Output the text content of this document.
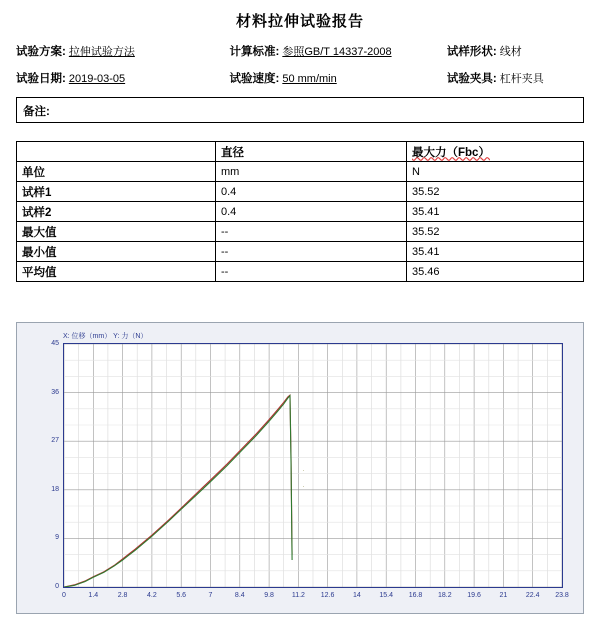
材料拉伸试验报告
试验方案: 拉伸试验方法	计算标准: 参照GB/T 14337-2008	试样形状: 线材
试验日期: 2019-03-05	试验速度: 50 mm/min	试验夹具: 杠杆夹具
备注:
	直径	最大力（Fbc）
单位	mm	N
试样1	0.4	35.52
试样2	0.4	35.41
最大值	--	35.52
最小值	--	35.41
平均值	--	35.46
X: 位移（mm） Y: 力（N）
0
9
18
27
36
45
0	1.4	2.8	4.2	5.6	7	8.4	9.8	11.2	12.6	14	15.4	16.8	18.2	19.6	21	22.4	23.8
·
·
